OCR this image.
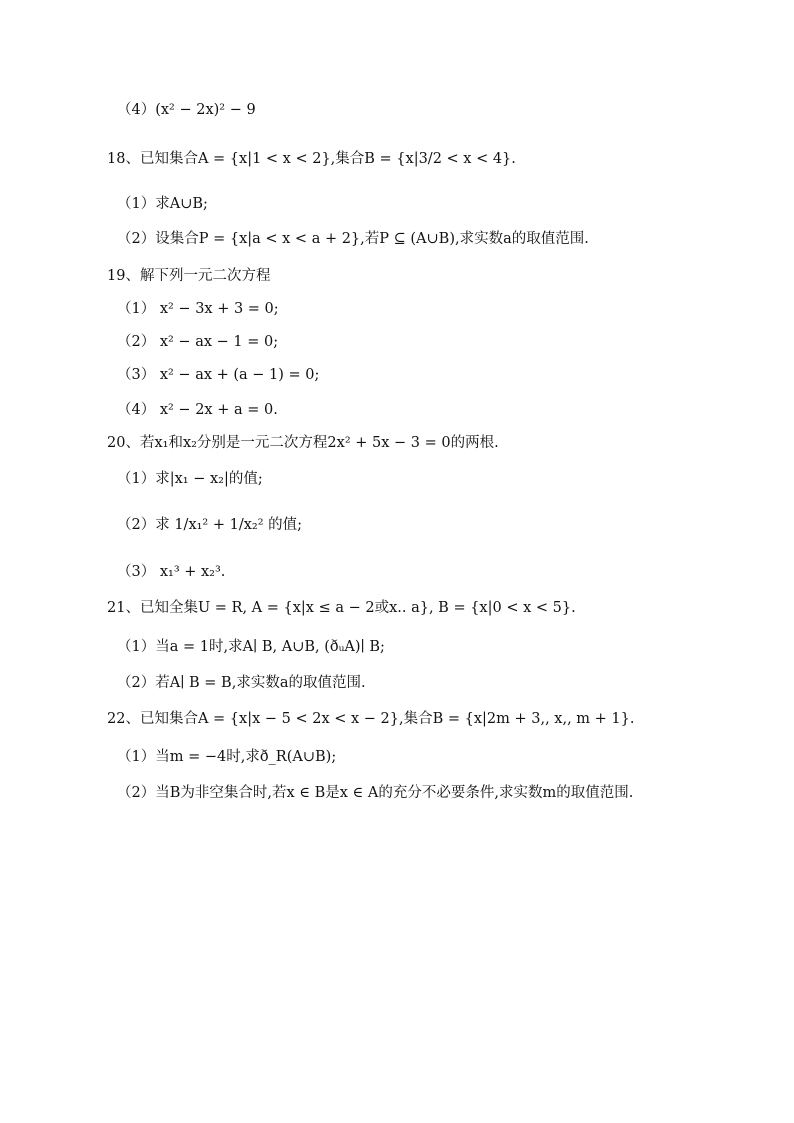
（4）(x² − 2x)² − 9
18、已知集合A = {x|1 < x < 2},集合B = {x|3/2 < x < 4}.
（1）求A∪B;
（2）设集合P = {x|a < x < a + 2},若P ⊆ (A∪B),求实数a的取值范围.
19、解下列一元二次方程
（1） x² − 3x + 3 = 0;
（2） x² − ax − 1 = 0;
（3） x² − ax + (a − 1) = 0;
（4） x² − 2x + a = 0.
20、若x₁和x₂分别是一元二次方程2x² + 5x − 3 = 0的两根.
（1）求|x₁ − x₂|的值;
（2）求 1/x₁² + 1/x₂² 的值;
（3） x₁³ + x₂³.
21、已知全集U = R, A = {x|x ≤ a − 2或x.. a}, B = {x|0 < x < 5}.
（1）当a = 1时,求A∣ B, A∪B, (ðᵤA)∣ B;
（2）若A∣ B = B,求实数a的取值范围.
22、已知集合A = {x|x − 5 < 2x < x − 2},集合B = {x|2m + 3,, x,, m + 1}.
（1）当m = −4时,求ð_R(A∪B);
（2）当B为非空集合时,若x ∈ B是x ∈ A的充分不必要条件,求实数m的取值范围.
